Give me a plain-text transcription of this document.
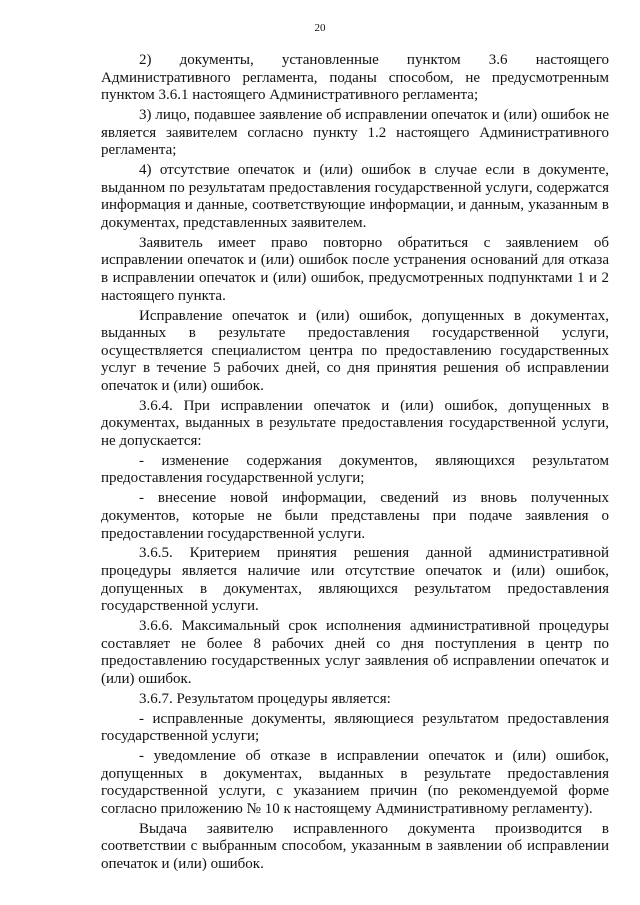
20

2) документы, установленные пунктом 3.6 настоящего Административного регламента, поданы способом, не предусмотренным пунктом 3.6.1 настоящего Административного регламента;

3) лицо, подавшее заявление об исправлении опечаток и (или) ошибок не является заявителем согласно пункту 1.2 настоящего Административного регламента;

4) отсутствие опечаток и (или) ошибок в случае если в документе, выданном по результатам предоставления государственной услуги, содержатся информация и данные, соответствующие информации, и данным, указанным в документах, представленных заявителем.

Заявитель имеет право повторно обратиться с заявлением об исправлении опечаток и (или) ошибок после устранения оснований для отказа в исправлении опечаток и (или) ошибок, предусмотренных подпунктами 1 и 2 настоящего пункта.

Исправление опечаток и (или) ошибок, допущенных в документах, выданных в результате предоставления государственной услуги, осуществляется специалистом центра по предоставлению государственных услуг в течение 5 рабочих дней, со дня принятия решения об исправлении опечаток и (или) ошибок.

3.6.4. При исправлении опечаток и (или) ошибок, допущенных в документах, выданных в результате предоставления государственной услуги, не допускается:

- изменение содержания документов, являющихся результатом предоставления государственной услуги;

- внесение новой информации, сведений из вновь полученных документов, которые не были представлены при подаче заявления о предоставлении государственной услуги.

3.6.5. Критерием принятия решения данной административной процедуры является наличие или отсутствие опечаток и (или) ошибок, допущенных в документах, являющихся результатом предоставления государственной услуги.

3.6.6. Максимальный срок исполнения административной процедуры составляет не более 8 рабочих дней со дня поступления в центр по предоставлению государственных услуг заявления об исправлении опечаток и (или) ошибок.

3.6.7. Результатом процедуры является:

- исправленные документы, являющиеся результатом предоставления государственной услуги;

- уведомление об отказе в исправлении опечаток и (или) ошибок, допущенных в документах, выданных в результате предоставления государственной услуги, с указанием причин (по рекомендуемой форме согласно приложению № 10 к настоящему Административному регламенту).

Выдача заявителю исправленного документа производится в соответствии с выбранным способом, указанным в заявлении об исправлении опечаток и (или) ошибок.
